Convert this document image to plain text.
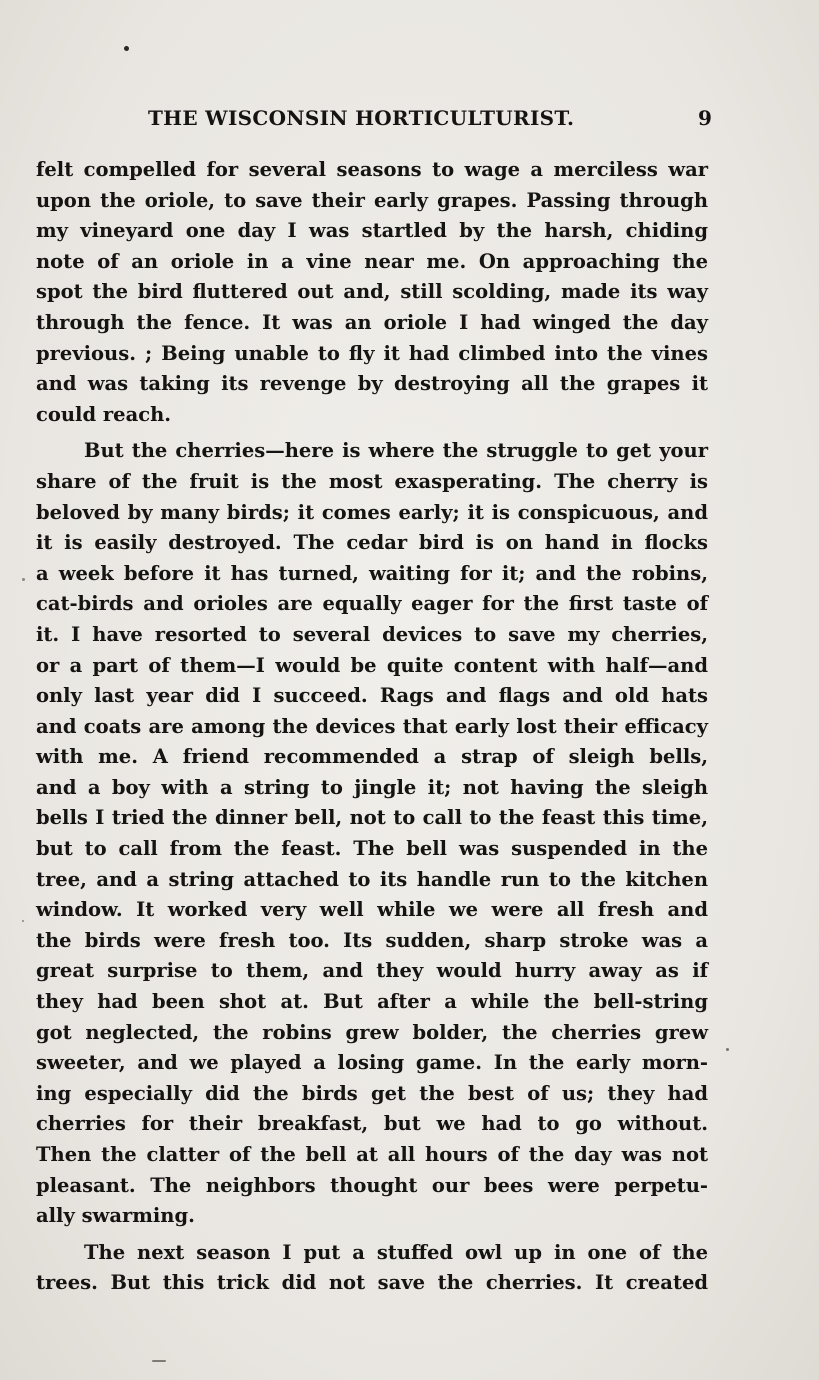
THE WISCONSIN HORTICULTURIST.	9
felt compelled for several seasons to wage a merciless war
upon the oriole, to save their early grapes. Passing through
my vineyard one day I was startled by the harsh, chiding
note of an oriole in a vine near me. On approaching the
spot the bird fluttered out and, still scolding, made its way
through the fence. It was an oriole I had winged the day
previous. ; Being unable to fly it had climbed into the vines
and was taking its revenge by destroying all the grapes it
could reach.
But the cherries—here is where the struggle to get your
share of the fruit is the most exasperating. The cherry is
beloved by many birds; it comes early; it is conspicuous, and
it is easily destroyed. The cedar bird is on hand in flocks
a week before it has turned, waiting for it; and the robins,
cat-birds and orioles are equally eager for the first taste of
it. I have resorted to several devices to save my cherries,
or a part of them—I would be quite content with half—and
only last year did I succeed. Rags and flags and old hats
and coats are among the devices that early lost their efficacy
with me. A friend recommended a strap of sleigh bells,
and a boy with a string to jingle it; not having the sleigh
bells I tried the dinner bell, not to call to the feast this time,
but to call from the feast. The bell was suspended in the
tree, and a string attached to its handle run to the kitchen
window. It worked very well while we were all fresh and
the birds were fresh too. Its sudden, sharp stroke was a
great surprise to them, and they would hurry away as if
they had been shot at. But after a while the bell-string
got neglected, the robins grew bolder, the cherries grew
sweeter, and we played a losing game. In the early morn-
ing especially did the birds get the best of us; they had
cherries for their breakfast, but we had to go without.
Then the clatter of the bell at all hours of the day was not
pleasant. The neighbors thought our bees were perpetu-
ally swarming.
The next season I put a stuffed owl up in one of the
trees. But this trick did not save the cherries. It created
